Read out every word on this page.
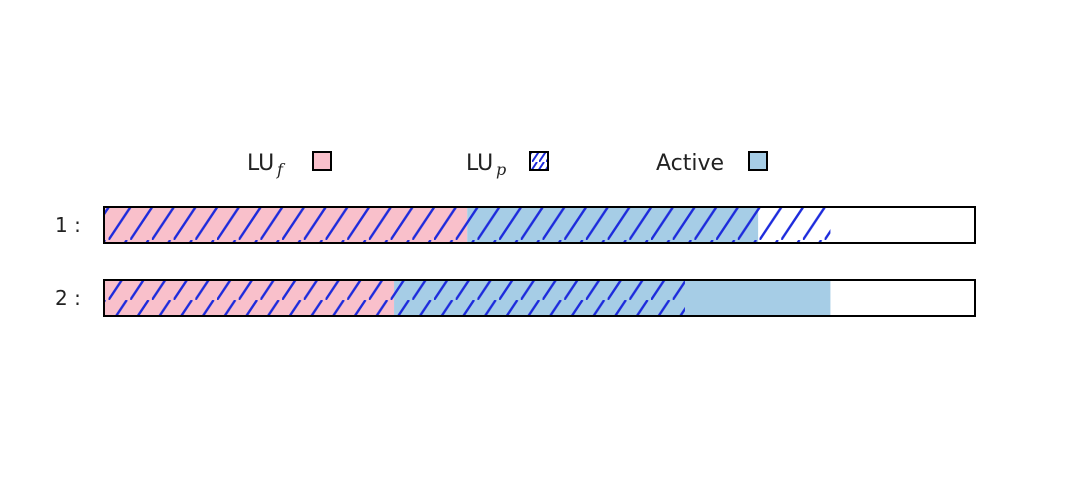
LU f	LU p	Active
1 :
2 :
